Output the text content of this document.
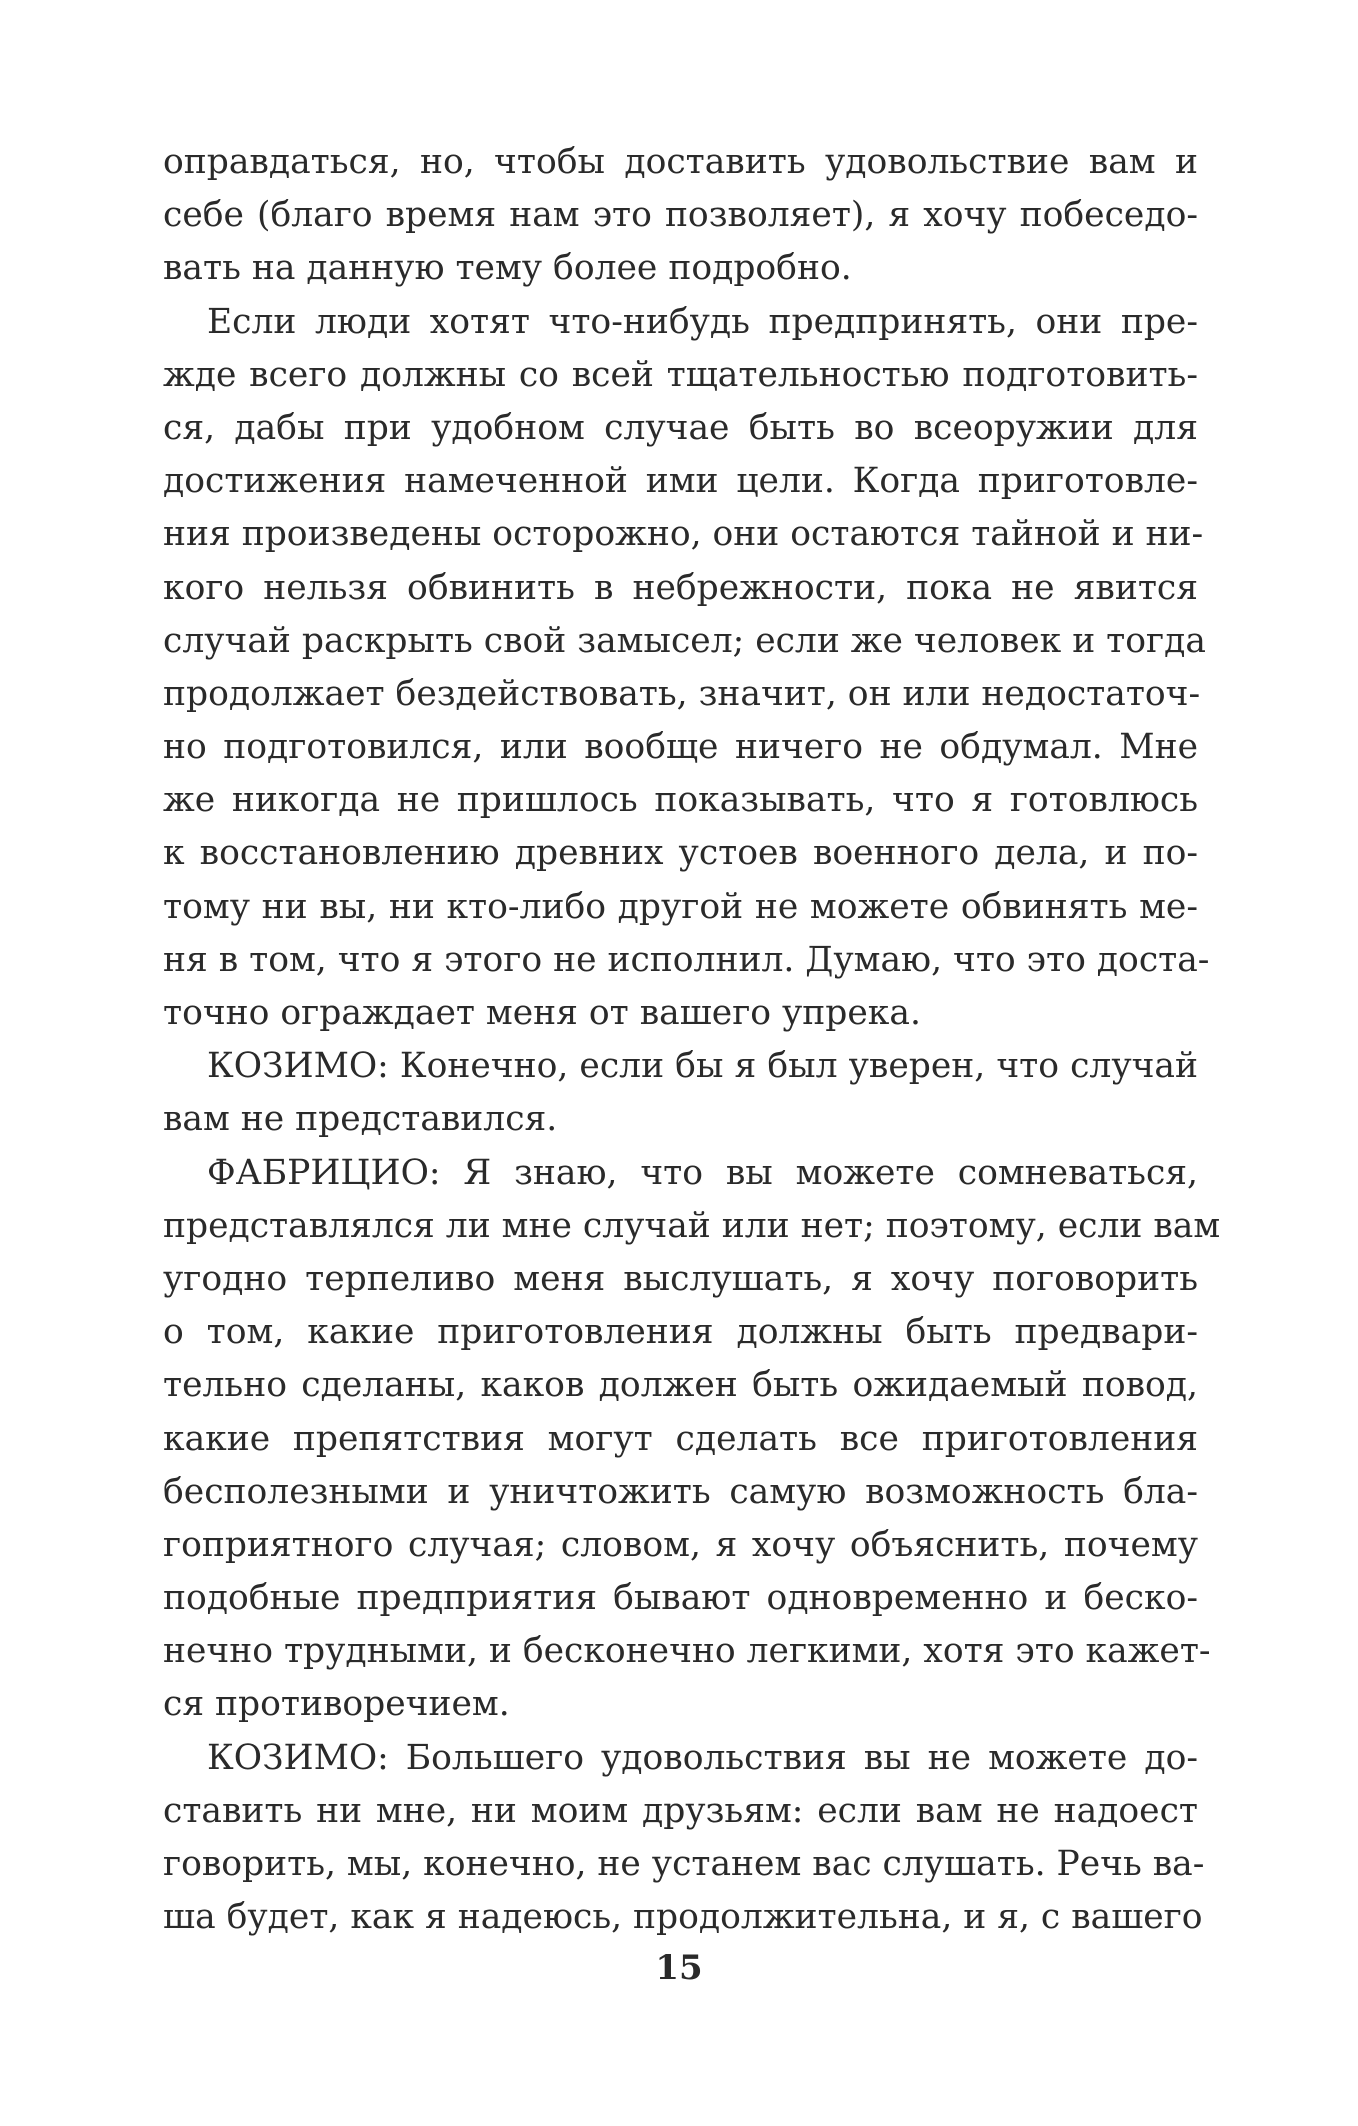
оправдаться, но, чтобы доставить удовольствие вам и
себе (благо время нам это позволяет), я хочу побеседо-
вать на данную тему более подробно.
Если люди хотят что-нибудь предпринять, они пре-
жде всего должны со всей тщательностью подготовить-
ся, дабы при удобном случае быть во всеоружии для
достижения намеченной ими цели. Когда приготовле-
ния произведены осторожно, они остаются тайной и ни-
кого нельзя обвинить в небрежности, пока не явится
случай раскрыть свой замысел; если же человек и тогда
продолжает бездействовать, значит, он или недостаточ-
но подготовился, или вообще ничего не обдумал. Мне
же никогда не пришлось показывать, что я готовлюсь
к восстановлению древних устоев военного дела, и по-
тому ни вы, ни кто-либо другой не можете обвинять ме-
ня в том, что я этого не исполнил. Думаю, что это доста-
точно ограждает меня от вашего упрека.
КОЗИМО: Конечно, если бы я был уверен, что случай
вам не представился.
ФАБРИЦИО: Я знаю, что вы можете сомневаться,
представлялся ли мне случай или нет; поэтому, если вам
угодно терпеливо меня выслушать, я хочу поговорить
о том, какие приготовления должны быть предвари-
тельно сделаны, каков должен быть ожидаемый повод,
какие препятствия могут сделать все приготовления
бесполезными и уничтожить самую возможность бла-
гоприятного случая; словом, я хочу объяснить, почему
подобные предприятия бывают одновременно и беско-
нечно трудными, и бесконечно легкими, хотя это кажет-
ся противоречием.
КОЗИМО: Большего удовольствия вы не можете до-
ставить ни мне, ни моим друзьям: если вам не надоест
говорить, мы, конечно, не устанем вас слушать. Речь ва-
ша будет, как я надеюсь, продолжительна, и я, с вашего
15
